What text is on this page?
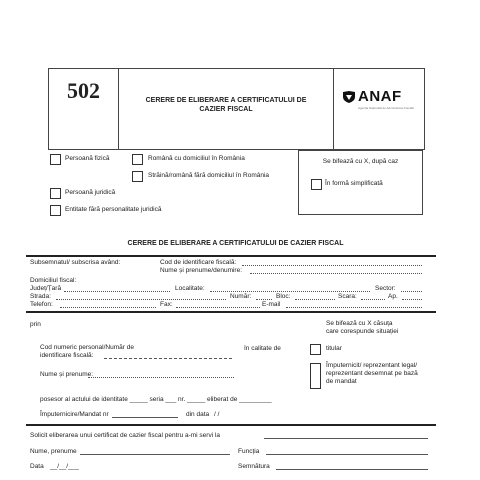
502	CERERE DE ELIBERARE A CERTIFICATULUI DE
CAZIER FISCAL
ANAF
Agenția Națională de Administrare Fiscală
Persoană fizică	Română cu domiciliul în România
Străină/română fără domiciliul în România
Persoană juridică
Entitate fără personalitate juridică
Se bifează cu X, după caz
În formă simplificată
CERERE DE ELIBERARE A CERTIFICATULUI DE CAZIER FISCAL
Subsemnatul/ subscrisa având:	Cod de identificare fiscală:
Nume și prenume/denumire:
Domiciliul fiscal:
Județ/Țară	Localitate:	Sector:
Strada:	Număr:	Bloc:	Scara:	Ap.
Telefon:	Fax:	E-mail
prin	Se bifează cu X căsuța
care corespunde situației
Cod numeric personal/Număr de
identificare fiscală:
în calitate de	titular
Nume și prenume:
Împuternicit/ reprezentant legal/
reprezentant desemnat pe bază
de mandat
posesor al actului de identitate _____ seria ___ nr. _____ eliberat de _________
Împuternicire/Mandat nr	din data / /
Solicit eliberarea unui certificat de cazier fiscal pentru a-mi servi la
Nume, prenume	Funcția
Data __/__/___	Semnătura
